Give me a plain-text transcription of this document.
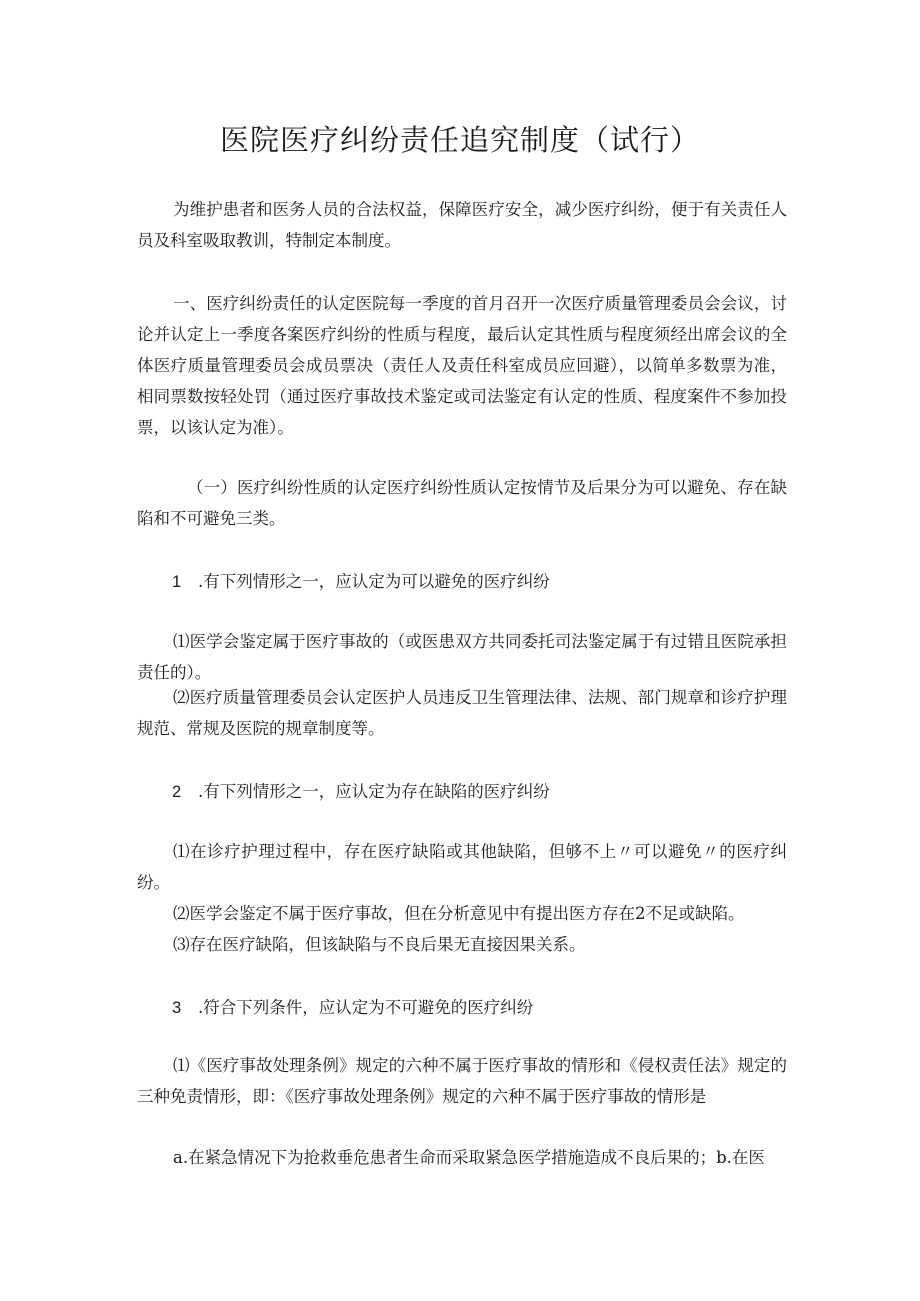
医院医疗纠纷责任追究制度（试行）

为维护患者和医务人员的合法权益，保障医疗安全，减少医疗纠纷，便于有关责任人员及科室吸取教训，特制定本制度。

一、医疗纠纷责任的认定医院每一季度的首月召开一次医疗质量管理委员会会议，讨论并认定上一季度各案医疗纠纷的性质与程度，最后认定其性质与程度须经出席会议的全体医疗质量管理委员会成员票决（责任人及责任科室成员应回避），以简单多数票为准，相同票数按轻处罚（通过医疗事故技术鉴定或司法鉴定有认定的性质、程度案件不参加投票，以该认定为准）。

（一）医疗纠纷性质的认定医疗纠纷性质认定按情节及后果分为可以避免、存在缺陷和不可避免三类。

1 .有下列情形之一，应认定为可以避免的医疗纠纷

⑴医学会鉴定属于医疗事故的（或医患双方共同委托司法鉴定属于有过错且医院承担责任的）。

⑵医疗质量管理委员会认定医护人员违反卫生管理法律、法规、部门规章和诊疗护理规范、常规及医院的规章制度等。

2 .有下列情形之一，应认定为存在缺陷的医疗纠纷

⑴在诊疗护理过程中，存在医疗缺陷或其他缺陷，但够不上〃可以避免〃的医疗纠纷。

⑵医学会鉴定不属于医疗事故，但在分析意见中有提出医方存在2不足或缺陷。

⑶存在医疗缺陷，但该缺陷与不良后果无直接因果关系。

3 .符合下列条件，应认定为不可避免的医疗纠纷

⑴《医疗事故处理条例》规定的六种不属于医疗事故的情形和《侵权责任法》规定的三种免责情形，即：《医疗事故处理条例》规定的六种不属于医疗事故的情形是

a.在紧急情况下为抢救垂危患者生命而采取紧急医学措施造成不良后果的；b.在医
